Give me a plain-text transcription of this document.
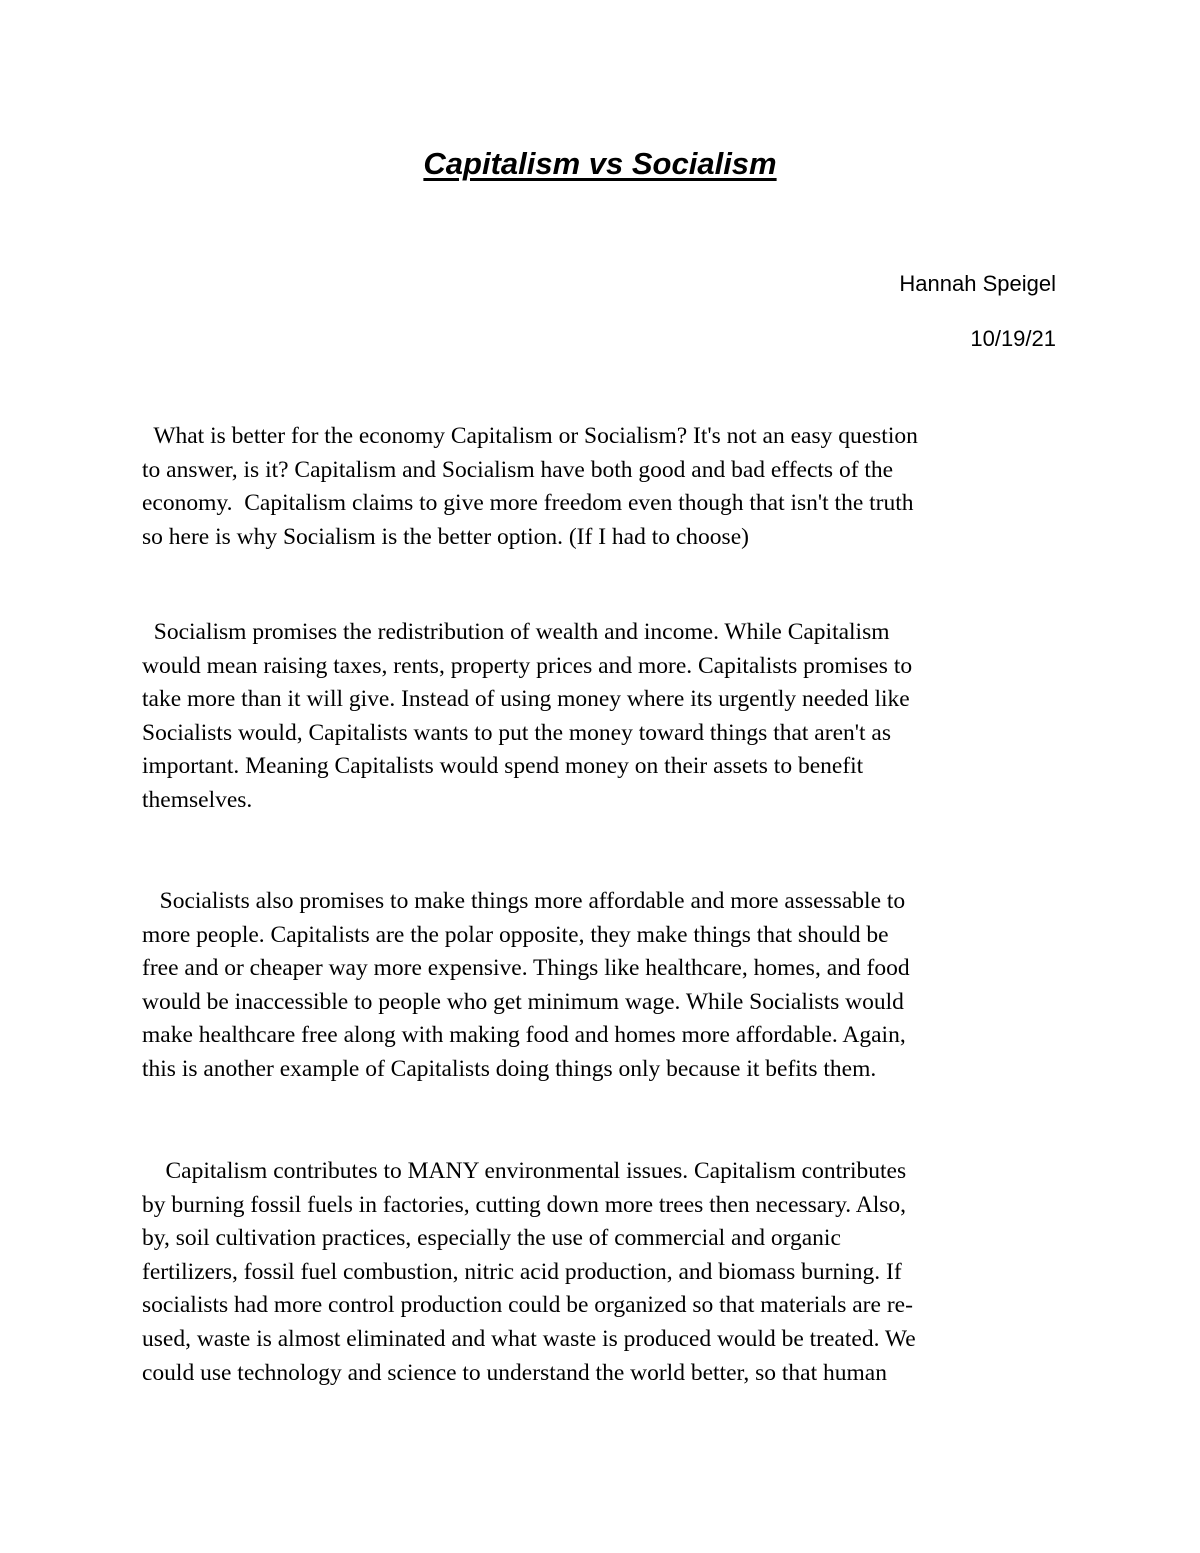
Capitalism vs Socialism
Hannah Speigel
10/19/21
What is better for the economy Capitalism or Socialism? It's not an easy question
to answer, is it? Capitalism and Socialism have both good and bad effects of the
economy.  Capitalism claims to give more freedom even though that isn't the truth
so here is why Socialism is the better option. (If I had to choose)
Socialism promises the redistribution of wealth and income. While Capitalism
would mean raising taxes, rents, property prices and more. Capitalists promises to
take more than it will give. Instead of using money where its urgently needed like
Socialists would, Capitalists wants to put the money toward things that aren't as
important. Meaning Capitalists would spend money on their assets to benefit
themselves.
Socialists also promises to make things more affordable and more assessable to
more people. Capitalists are the polar opposite, they make things that should be
free and or cheaper way more expensive. Things like healthcare, homes, and food
would be inaccessible to people who get minimum wage. While Socialists would
make healthcare free along with making food and homes more affordable. Again,
this is another example of Capitalists doing things only because it befits them.
Capitalism contributes to MANY environmental issues. Capitalism contributes
by burning fossil fuels in factories, cutting down more trees then necessary. Also,
by, soil cultivation practices, especially the use of commercial and organic
fertilizers, fossil fuel combustion, nitric acid production, and biomass burning. If
socialists had more control production could be organized so that materials are re-
used, waste is almost eliminated and what waste is produced would be treated. We
could use technology and science to understand the world better, so that human
